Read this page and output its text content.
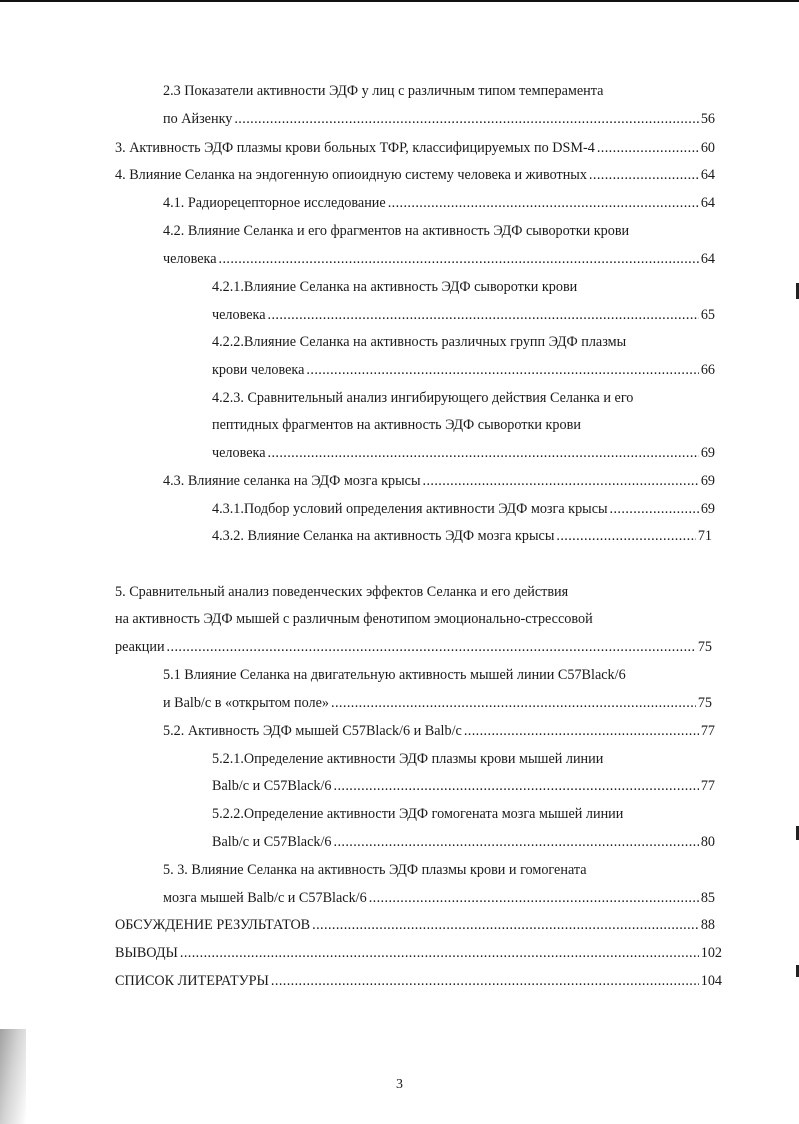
2.3 Показатели активности ЭДФ у лиц с различным типом темперамента
по Айзенку .....	56
3. Активность ЭДФ плазмы крови больных ТФР, классифицируемых по DSM-4 .....	60
4. Влияние Селанка на эндогенную опиоидную систему человека и животных .....	64
4.1. Радиорецепторное исследование .....	64
4.2. Влияние Селанка и его фрагментов на активность ЭДФ сыворотки крови
человека .....	64
4.2.1.Влияние Селанка на активность ЭДФ сыворотки крови
человека .....	65
4.2.2.Влияние Селанка на активность различных групп ЭДФ плазмы
крови человека .....	66
4.2.3. Сравнительный анализ ингибирующего действия Селанка и его
пептидных фрагментов на активность ЭДФ сыворотки крови
человека .....	69
4.3. Влияние селанка на ЭДФ мозга крысы .....	69
4.3.1.Подбор условий определения активности ЭДФ мозга крысы .....	69
4.3.2. Влияние Селанка на активность ЭДФ мозга крысы .....	71
5. Сравнительный анализ поведенческих эффектов Селанка и его действия
на активность ЭДФ мышей с различным фенотипом эмоционально-стрессовой
реакции .....	75
5.1 Влияние Селанка на двигательную активность мышей линии C57Black/6
и Balb/c в «открытом поле» .....	75
5.2. Активность ЭДФ мышей C57Black/6 и Balb/c .....	77
5.2.1.Определение активности ЭДФ плазмы крови мышей линии
Balb/c и C57Black/6 .....	77
5.2.2.Определение активности ЭДФ гомогената мозга мышей линии
Balb/c и C57Black/6 .....	80
5. 3. Влияние Селанка на активность ЭДФ плазмы крови и гомогената
мозга мышей Balb/c и C57Black/6 .....	85
ОБСУЖДЕНИЕ РЕЗУЛЬТАТОВ .....	88
ВЫВОДЫ .....	102
СПИСОК ЛИТЕРАТУРЫ .....	104
3
